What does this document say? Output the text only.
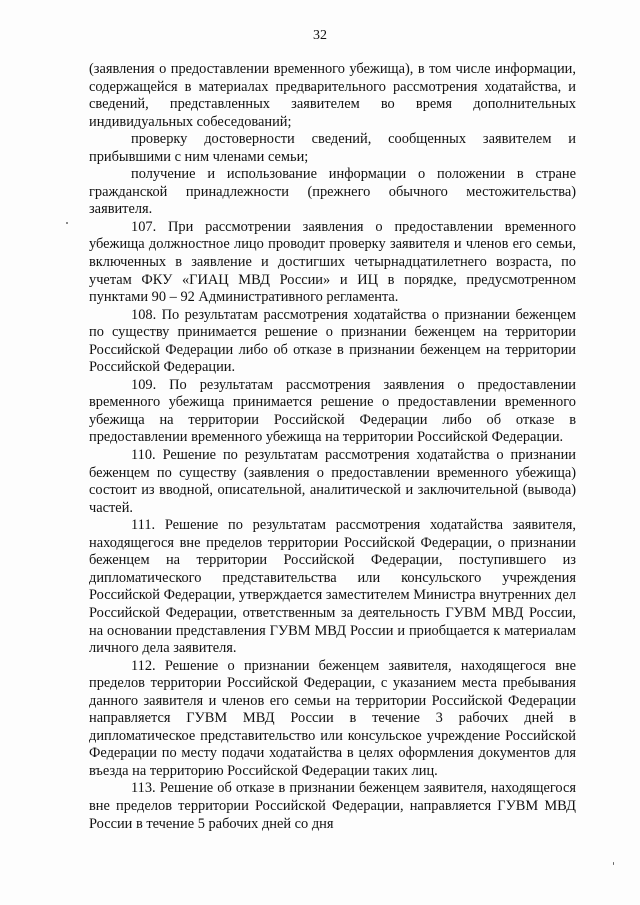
32

(заявления о предоставлении временного убежища), в том числе информации, содержащейся в материалах предварительного рассмотрения ходатайства, и сведений, представленных заявителем во время дополнительных индивидуальных собеседований;

проверку достоверности сведений, сообщенных заявителем и прибывшими с ним членами семьи;

получение и использование информации о положении в стране гражданской принадлежности (прежнего обычного местожительства) заявителя.

107. При рассмотрении заявления о предоставлении временного убежища должностное лицо проводит проверку заявителя и членов его семьи, включенных в заявление и достигших четырнадцатилетнего возраста, по учетам ФКУ «ГИАЦ МВД России» и ИЦ в порядке, предусмотренном пунктами 90 – 92 Административного регламента.

108. По результатам рассмотрения ходатайства о признании беженцем по существу принимается решение о признании беженцем на территории Российской Федерации либо об отказе в признании беженцем на территории Российской Федерации.

109. По результатам рассмотрения заявления о предоставлении временного убежища принимается решение о предоставлении временного убежища на территории Российской Федерации либо об отказе в предоставлении временного убежища на территории Российской Федерации.

110. Решение по результатам рассмотрения ходатайства о признании беженцем по существу (заявления о предоставлении временного убежища) состоит из вводной, описательной, аналитической и заключительной (вывода) частей.

111. Решение по результатам рассмотрения ходатайства заявителя, находящегося вне пределов территории Российской Федерации, о признании беженцем на территории Российской Федерации, поступившего из дипломатического представительства или консульского учреждения Российской Федерации, утверждается заместителем Министра внутренних дел Российской Федерации, ответственным за деятельность ГУВМ МВД России, на основании представления ГУВМ МВД России и приобщается к материалам личного дела заявителя.

112. Решение о признании беженцем заявителя, находящегося вне пределов территории Российской Федерации, с указанием места пребывания данного заявителя и членов его семьи на территории Российской Федерации направляется ГУВМ МВД России в течение 3 рабочих дней в дипломатическое представительство или консульское учреждение Российской Федерации по месту подачи ходатайства в целях оформления документов для въезда на территорию Российской Федерации таких лиц.

113. Решение об отказе в признании беженцем заявителя, находящегося вне пределов территории Российской Федерации, направляется ГУВМ МВД России в течение 5 рабочих дней со дня
